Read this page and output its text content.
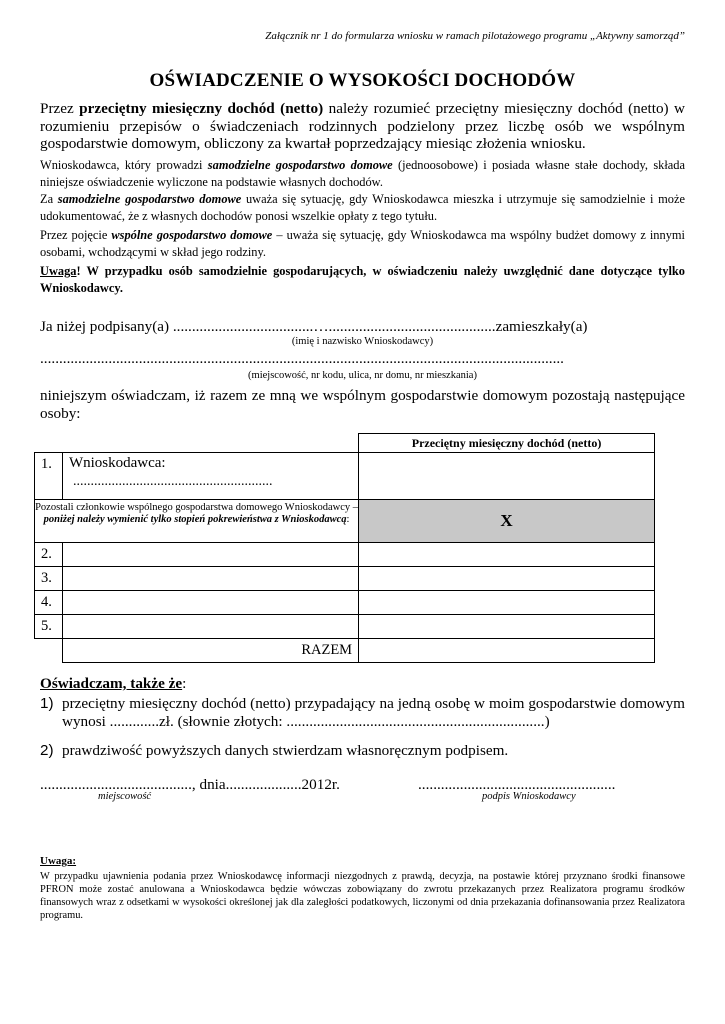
Załącznik nr 1 do formularza wniosku w ramach pilotażowego programu „Aktywny samorząd”
OŚWIADCZENIE O WYSOKOŚCI DOCHODÓW
Przez przeciętny miesięczny dochód (netto) należy rozumieć przeciętny miesięczny dochód (netto) w rozumieniu przepisów o świadczeniach rodzinnych podzielony przez liczbę osób we wspólnym gospodarstwie domowym, obliczony za kwartał poprzedzający miesiąc złożenia wniosku.
Wnioskodawca, który prowadzi samodzielne gospodarstwo domowe (jednoosobowe) i posiada własne stałe dochody, składa niniejsze oświadczenie wyliczone na podstawie własnych dochodów.
Za samodzielne gospodarstwo domowe uważa się sytuację, gdy Wnioskodawca mieszka i utrzymuje się samodzielnie i może udokumentować, że z własnych dochodów ponosi wszelkie opłaty z tego tytułu.
Przez pojęcie wspólne gospodarstwo domowe – uważa się sytuację, gdy Wnioskodawca ma wspólny budżet domowy z innymi osobami, wchodzącymi w skład jego rodziny.
Uwaga! W przypadku osób samodzielnie gospodarujących, w oświadczeniu należy uwzględnić dane dotyczące tylko Wnioskodawcy.
Ja niżej podpisany(a) .....................................…............................................zamieszkały(a)
(imię i nazwisko Wnioskodawcy)
..........................................................................................................................................
(miejscowość, nr kodu, ulica, nr domu, nr mieszkania)
niniejszym oświadczam, iż razem ze mną we wspólnym gospodarstwie domowym pozostają następujące osoby:
		Przeciętny miesięczny dochód (netto)
1.	Wnioskodawca:
.........................................................	

Pozostali członkowie wspólnego gospodarstwa domowego Wnioskodawcy – poniżej należy wymienić tylko stopień pokrewieństwa z Wnioskodawcą:		X
2.		
3.		
4.		
5.		
	RAZEM	
Oświadczam, także że:
1) przeciętny miesięczny dochód (netto) przypadający na jedną osobę w moim gospodarstwie domowym wynosi .............zł. (słownie złotych: ....................................................................)
2) prawdziwość powyższych danych stwierdzam własnoręcznym podpisem.
........................................, dnia....................2012r.	....................................................
miejscowość	podpis Wnioskodawcy
Uwaga:
W przypadku ujawnienia podania przez Wnioskodawcę informacji niezgodnych z prawdą, decyzja, na postawie której przyznano środki finansowe PFRON może zostać anulowana a Wnioskodawca będzie wówczas zobowiązany do zwrotu przekazanych przez Realizatora programu środków finansowych wraz z odsetkami w wysokości określonej jak dla zaległości podatkowych, liczonymi od dnia przekazania dofinansowania przez Realizatora programu.
